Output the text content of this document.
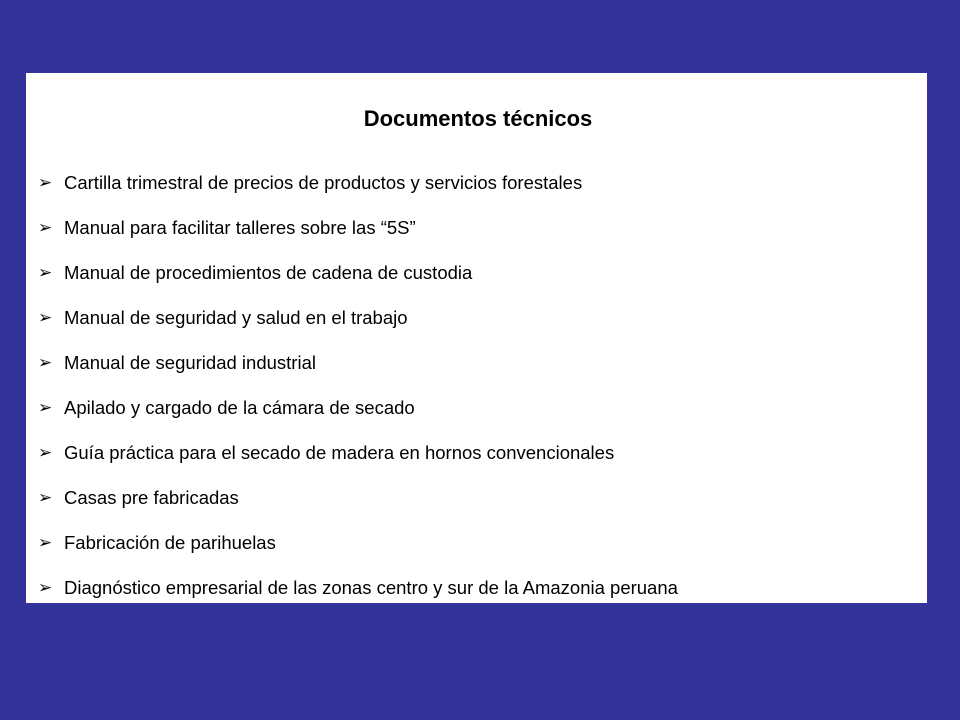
Documentos técnicos
➢ Cartilla trimestral de precios de productos y servicios forestales
➢ Manual para facilitar talleres sobre las “5S”
➢ Manual de procedimientos de cadena de custodia
➢ Manual de seguridad y salud en el trabajo
➢ Manual de seguridad industrial
➢ Apilado y cargado de la cámara de secado
➢ Guía práctica para el secado de madera en hornos convencionales
➢ Casas pre fabricadas
➢ Fabricación de parihuelas
➢ Diagnóstico empresarial de las zonas centro y sur de la Amazonia peruana
